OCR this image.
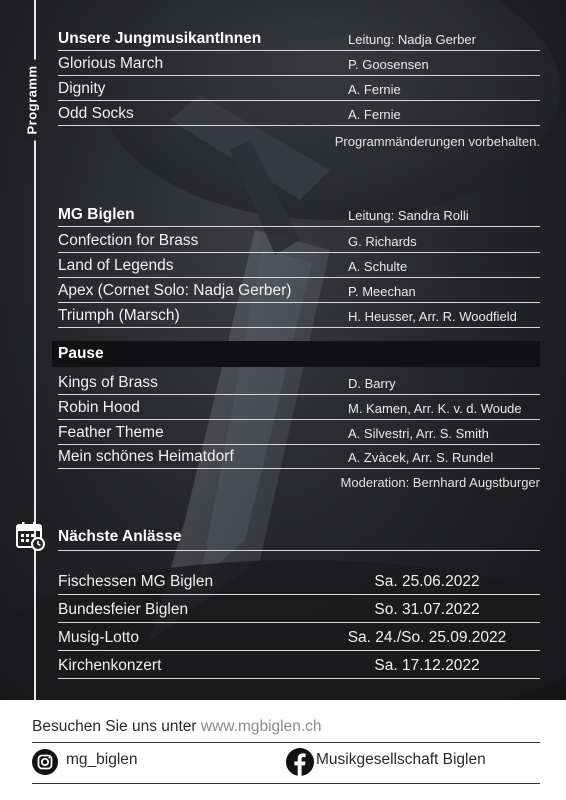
Programm
Unsere JungmusikantInnen	Leitung: Nadja Gerber
Glorious March	P. Goosensen
Dignity	A. Fernie
Odd Socks	A. Fernie
Programmänderungen vorbehalten.
MG Biglen	Leitung: Sandra Rolli
Confection for Brass	G. Richards
Land of Legends	A. Schulte
Apex (Cornet Solo: Nadja Gerber)	P. Meechan
Triumph (Marsch)	H. Heusser, Arr. R. Woodfield
Pause
Kings of Brass	D. Barry
Robin Hood	M. Kamen, Arr. K. v. d. Woude
Feather Theme	A. Silvestri, Arr. S. Smith
Mein schönes Heimatdorf	A. Zvàcek, Arr. S. Rundel
Moderation: Bernhard Augstburger
Nächste Anlässe
Fischessen MG Biglen	Sa. 25.06.2022
Bundesfeier Biglen	So. 31.07.2022
Musig-Lotto	Sa. 24./So. 25.09.2022
Kirchenkonzert	Sa. 17.12.2022
Besuchen Sie uns unter www.mgbiglen.ch
mg_biglen	Musikgesellschaft Biglen
